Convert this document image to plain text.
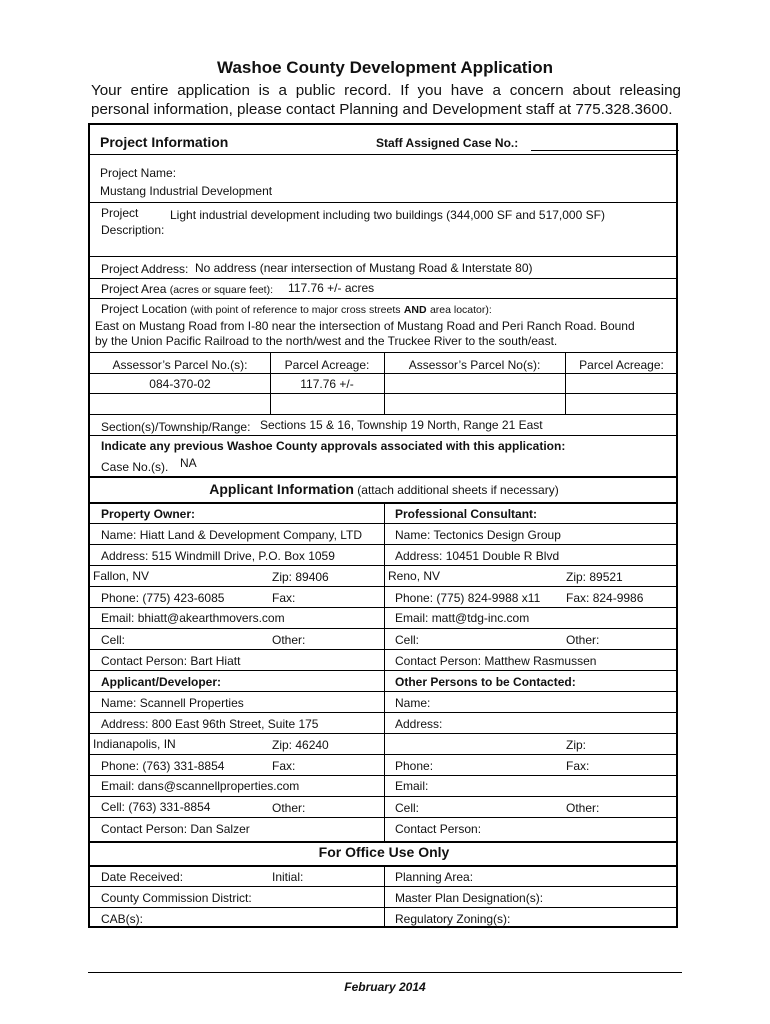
Washoe County Development Application
Your entire application is a public record. If you have a concern about releasing personal information, please contact Planning and Development staff at 775.328.3600.
Project Information	Staff Assigned Case No.:
Project Name:
Mustang Industrial Development
Project
Description:
Light industrial development including two buildings (344,000 SF and 517,000 SF)
Project Address: No address (near intersection of Mustang Road & Interstate 80)
Project Area (acres or square feet): 117.76 +/- acres
Project Location (with point of reference to major cross streets AND area locator):
East on Mustang Road from I-80 near the intersection of Mustang Road and Peri Ranch Road. Bound
by the Union Pacific Railroad to the north/west and the Truckee River to the south/east.
Assessor’s Parcel No.(s):	Parcel Acreage:	Assessor’s Parcel No(s):	Parcel Acreage:
084-370-02	117.76 +/-
Section(s)/Township/Range: Sections 15 & 16, Township 19 North, Range 21 East
Indicate any previous Washoe County approvals associated with this application:
Case No.(s). NA
Applicant Information (attach additional sheets if necessary)
Property Owner:
Name: Hiatt Land & Development Company, LTD
Address: 515 Windmill Drive, P.O. Box 1059
Fallon, NV	Zip: 89406
Phone: (775) 423-6085	Fax:
Email: bhiatt@akearthmovers.com
Cell:	Other:
Contact Person: Bart Hiatt
Applicant/Developer:
Name: Scannell Properties
Address: 800 East 96th Street, Suite 175
Indianapolis, IN	Zip: 46240
Phone: (763) 331-8854	Fax:
Email: dans@scannellproperties.com
Cell: (763) 331-8854	Other:
Contact Person: Dan Salzer
Professional Consultant:
Name: Tectonics Design Group
Address: 10451 Double R Blvd
Reno, NV	Zip: 89521
Phone: (775) 824-9988 x11 Fax: 824-9986
Email: matt@tdg-inc.com
Cell:	Other:
Contact Person: Matthew Rasmussen
Other Persons to be Contacted:
Name:
Address:
Zip:
Phone:	Fax:
Email:
Cell:	Other:
Contact Person:
For Office Use Only
Date Received:	Initial:	Planning Area:
County Commission District:	Master Plan Designation(s):
CAB(s):	Regulatory Zoning(s):
February 2014
